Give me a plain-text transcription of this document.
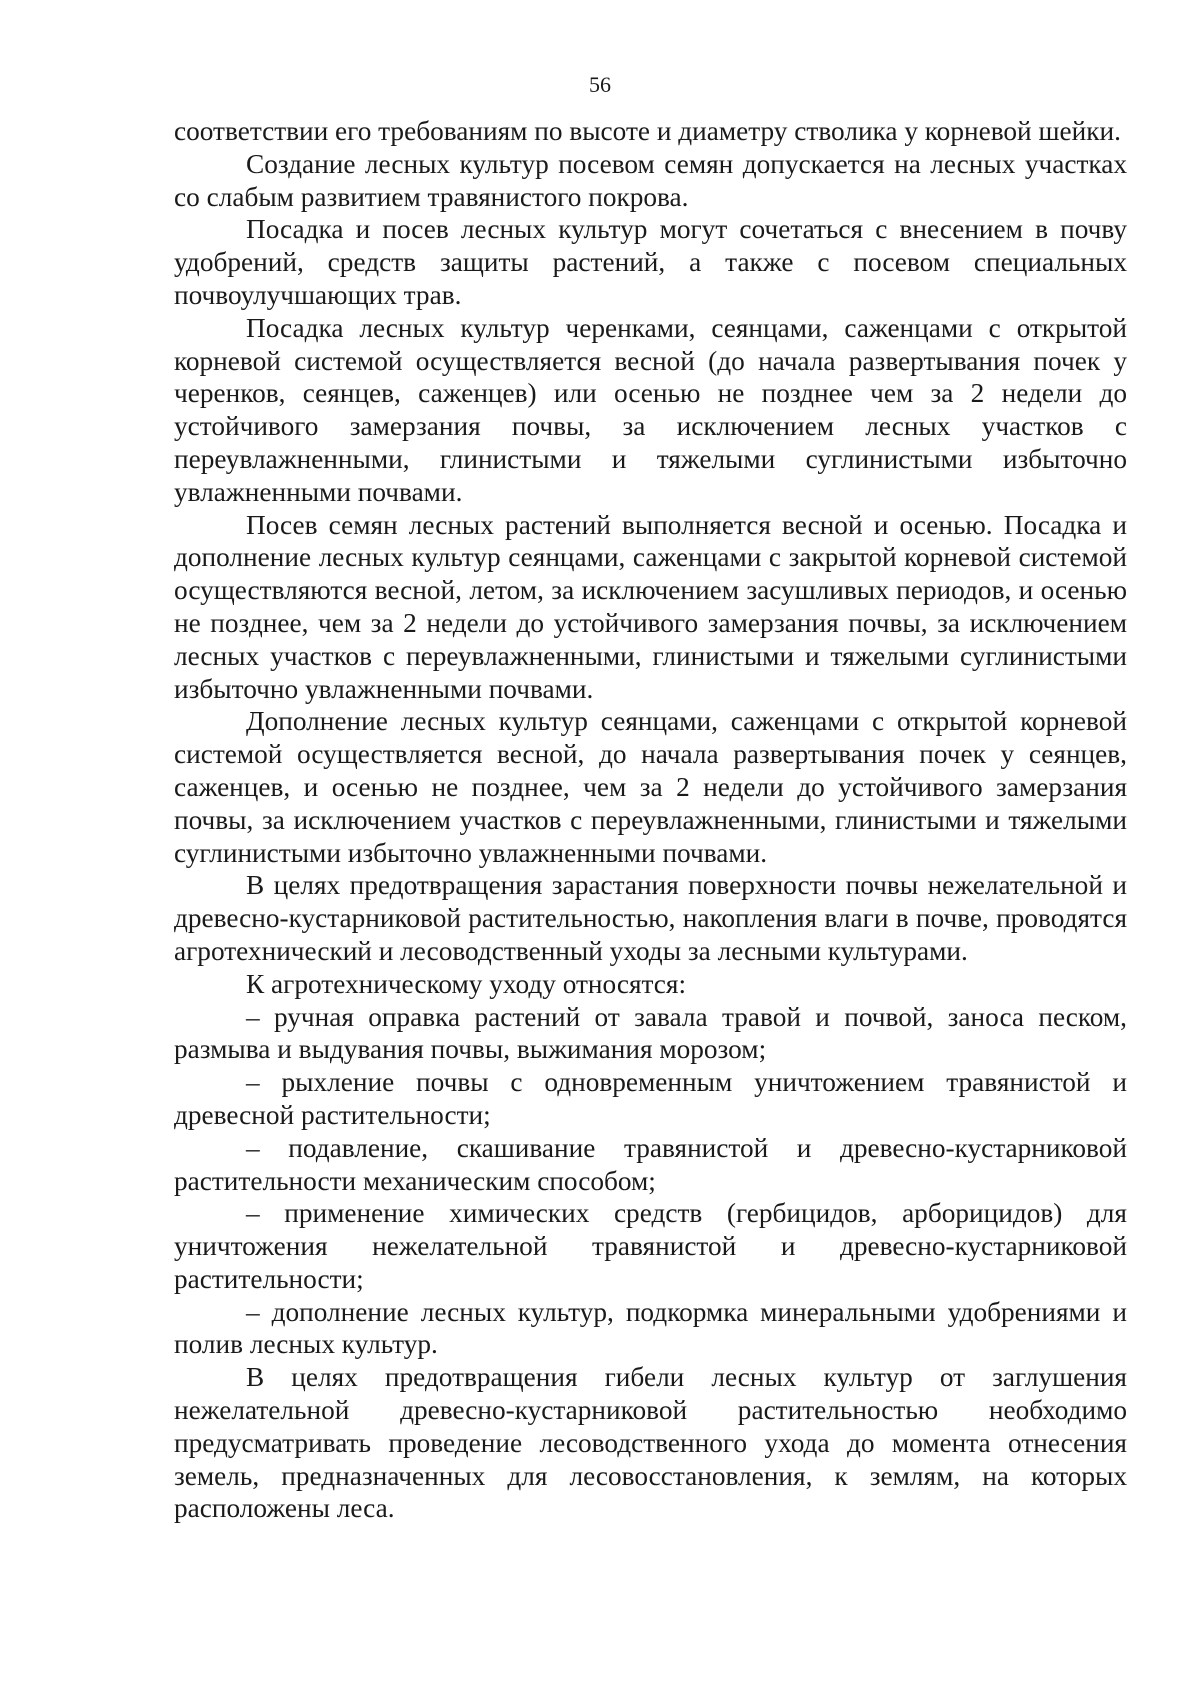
56

соответствии его требованиям по высоте и диаметру стволика у корневой шейки.

Создание лесных культур посевом семян допускается на лесных участках со слабым развитием травянистого покрова.

Посадка и посев лесных культур могут сочетаться с внесением в почву удобрений, средств защиты растений, а также с посевом специальных почвоулучшающих трав.

Посадка лесных культур черенками, сеянцами, саженцами с открытой корневой системой осуществляется весной (до начала развертывания почек у черенков, сеянцев, саженцев) или осенью не позднее чем за 2 недели до устойчивого замерзания почвы, за исключением лесных участков с переувлажненными, глинистыми и тяжелыми суглинистыми избыточно увлажненными почвами.

Посев семян лесных растений выполняется весной и осенью. Посадка и дополнение лесных культур сеянцами, саженцами с закрытой корневой системой осуществляются весной, летом, за исключением засушливых периодов, и осенью не позднее, чем за 2 недели до устойчивого замерзания почвы, за исключением лесных участков с переувлажненными, глинистыми и тяжелыми суглинистыми избыточно увлажненными почвами.

Дополнение лесных культур сеянцами, саженцами с открытой корневой системой осуществляется весной, до начала развертывания почек у сеянцев, саженцев, и осенью не позднее, чем за 2 недели до устойчивого замерзания почвы, за исключением участков с переувлажненными, глинистыми и тяжелыми суглинистыми избыточно увлажненными почвами.

В целях предотвращения зарастания поверхности почвы нежелательной и древесно-кустарниковой растительностью, накопления влаги в почве, проводятся агротехнический и лесоводственный уходы за лесными культурами.

К агротехническому уходу относятся:

– ручная оправка растений от завала травой и почвой, заноса песком, размыва и выдувания почвы, выжимания морозом;

– рыхление почвы с одновременным уничтожением травянистой и древесной растительности;

– подавление, скашивание травянистой и древесно-кустарниковой растительности механическим способом;

– применение химических средств (гербицидов, арборицидов) для уничтожения нежелательной травянистой и древесно-кустарниковой растительности;

– дополнение лесных культур, подкормка минеральными удобрениями и полив лесных культур.

В целях предотвращения гибели лесных культур от заглушения нежелательной древесно-кустарниковой растительностью необходимо предусматривать проведение лесоводственного ухода до момента отнесения земель, предназначенных для лесовосстановления, к землям, на которых расположены леса.
